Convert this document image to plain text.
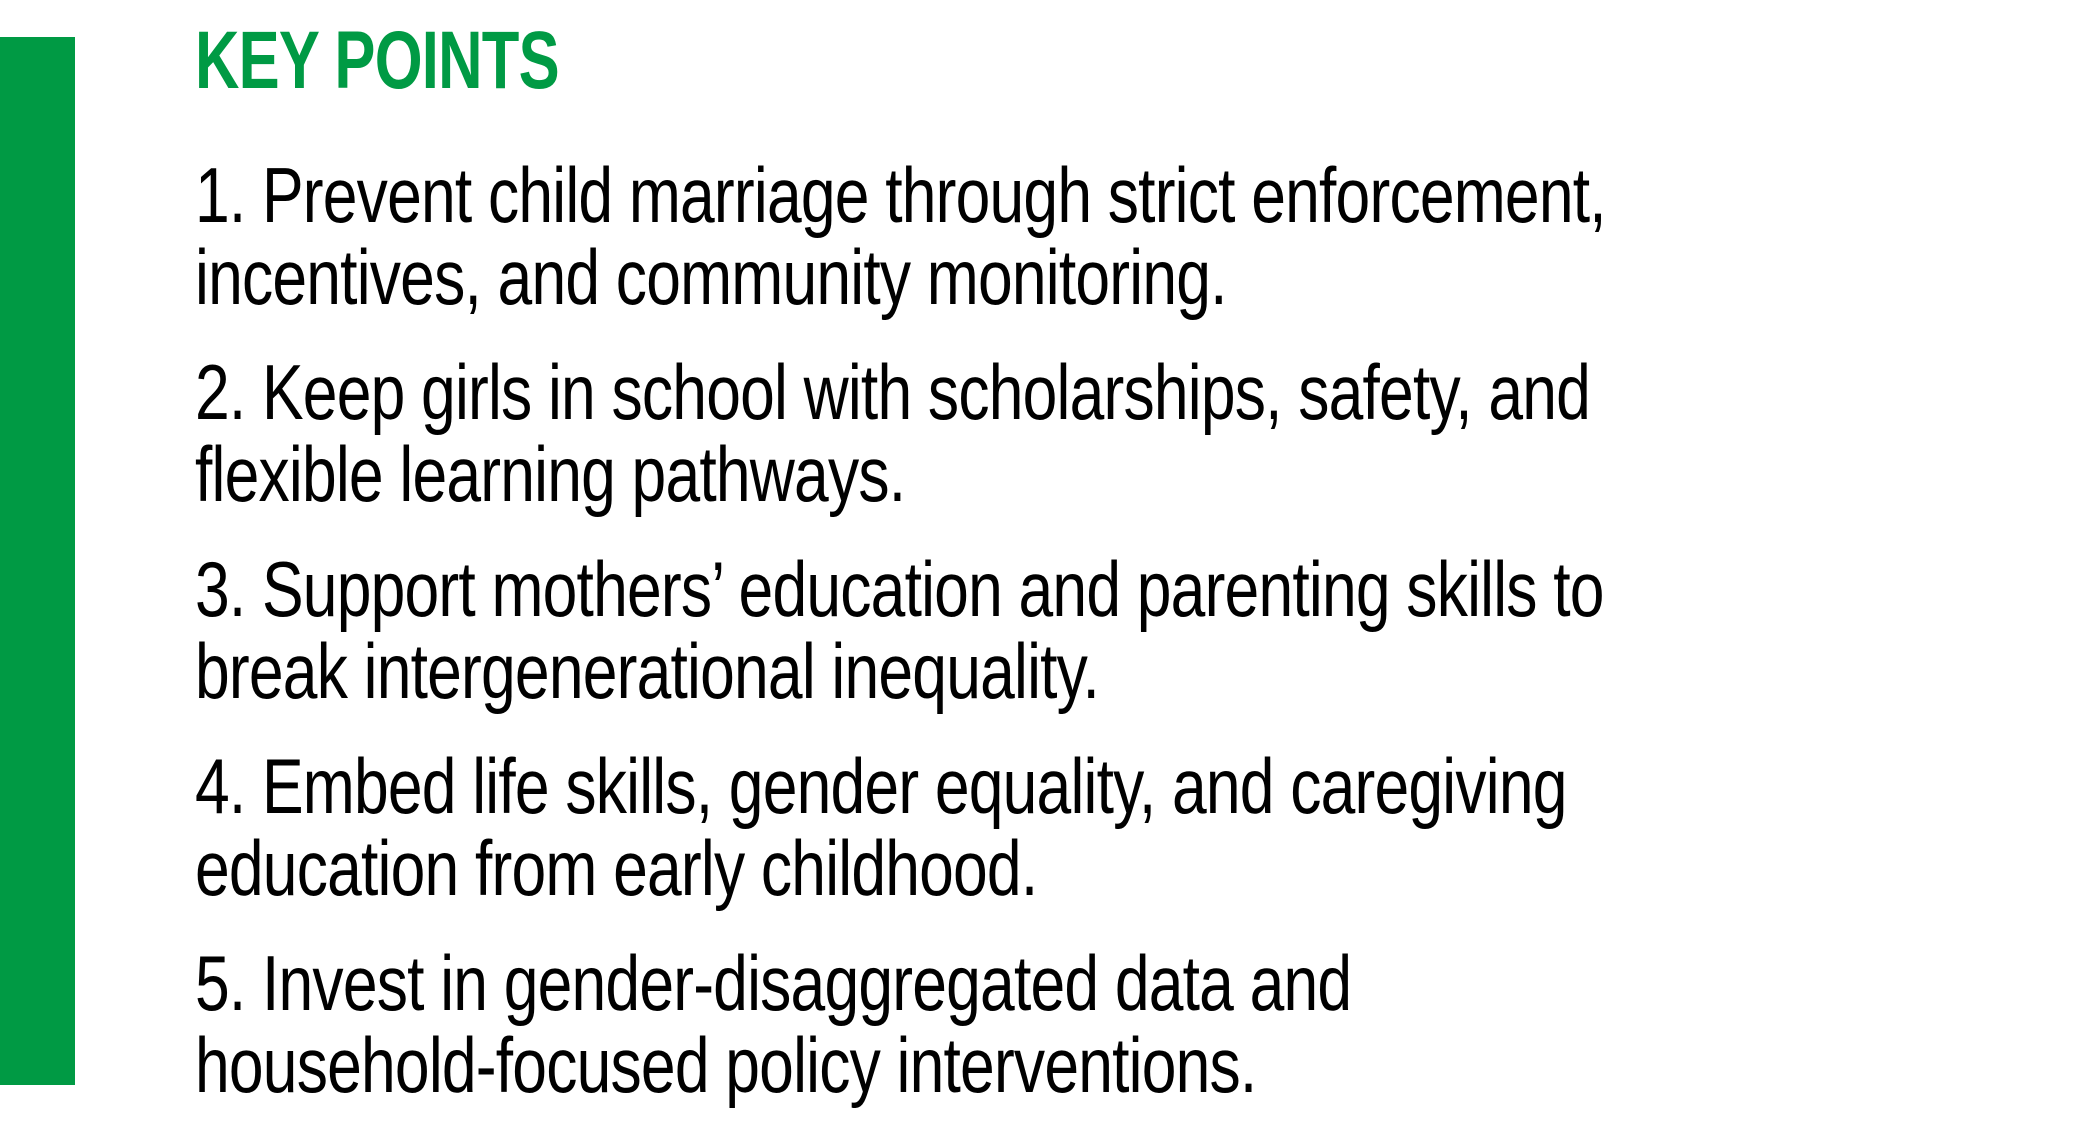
KEY POINTS

1. Prevent child marriage through strict enforcement,
incentives, and community monitoring.

2. Keep girls in school with scholarships, safety, and
flexible learning pathways.

3. Support mothers’ education and parenting skills to
break intergenerational inequality.

4. Embed life skills, gender equality, and caregiving
education from early childhood.

5. Invest in gender-disaggregated data and
household-focused policy interventions.
